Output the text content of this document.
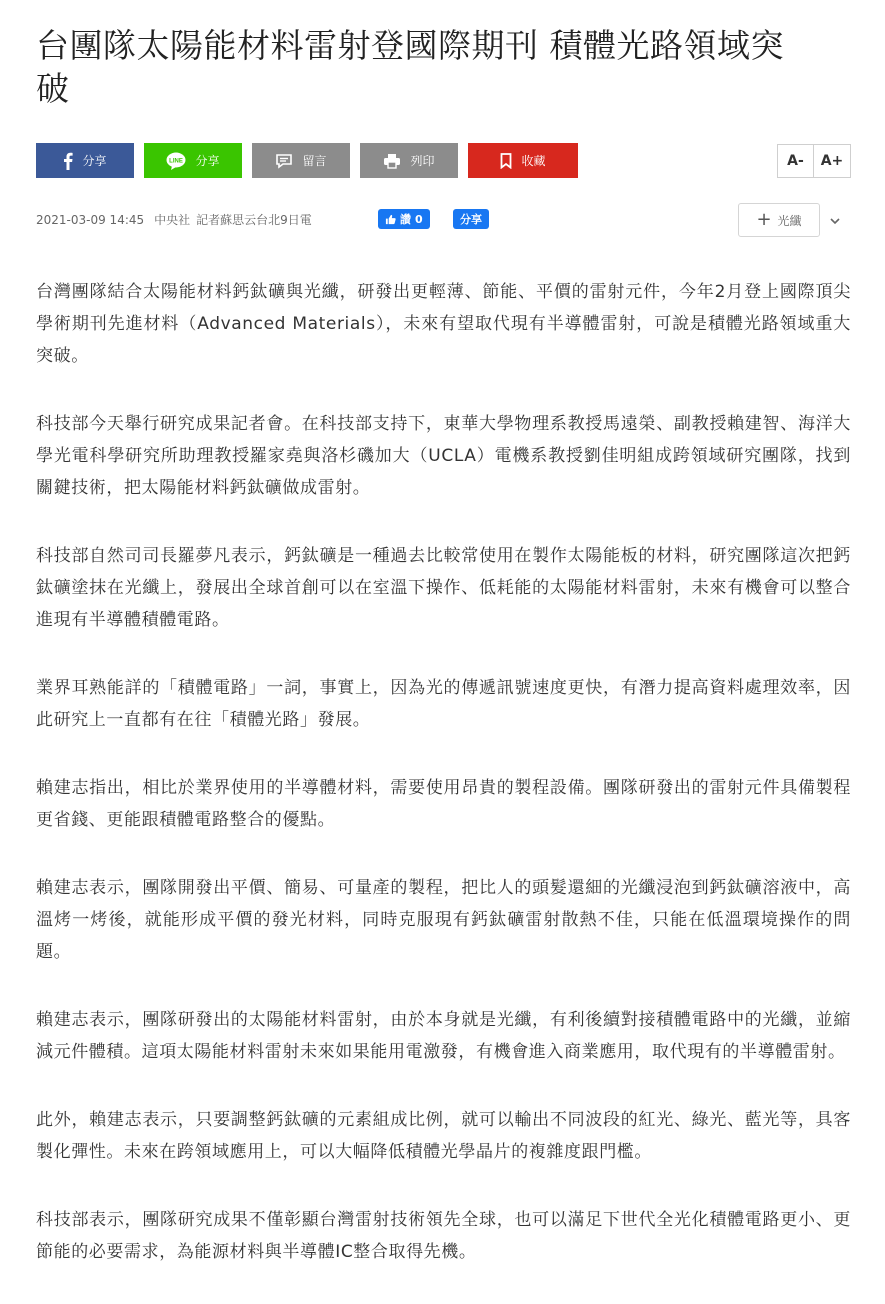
台團隊太陽能材料雷射登國際期刊 積體光路領域突破
分享	LINE 分享	留言	列印	收藏	A-	A+
2021-03-09 14:45 中央社 記者蘇思云台北9日電	讚 0	分享	+ 光纖

台灣團隊結合太陽能材料鈣鈦礦與光纖，研發出更輕薄、節能、平價的雷射元件，今年2月登上國際頂尖學術期刊先進材料（Advanced Materials），未來有望取代現有半導體雷射，可說是積體光路領域重大突破。

科技部今天舉行研究成果記者會。在科技部支持下，東華大學物理系教授馬遠榮、副教授賴建智、海洋大學光電科學研究所助理教授羅家堯與洛杉磯加大（UCLA）電機系教授劉佳明組成跨領域研究團隊，找到關鍵技術，把太陽能材料鈣鈦礦做成雷射。

科技部自然司司長羅夢凡表示，鈣鈦礦是一種過去比較常使用在製作太陽能板的材料，研究團隊這次把鈣鈦礦塗抹在光纖上，發展出全球首創可以在室溫下操作、低耗能的太陽能材料雷射，未來有機會可以整合進現有半導體積體電路。

業界耳熟能詳的「積體電路」一詞，事實上，因為光的傳遞訊號速度更快，有潛力提高資料處理效率，因此研究上一直都有在往「積體光路」發展。

賴建志指出，相比於業界使用的半導體材料，需要使用昂貴的製程設備。團隊研發出的雷射元件具備製程更省錢、更能跟積體電路整合的優點。

賴建志表示，團隊開發出平價、簡易、可量產的製程，把比人的頭髮還細的光纖浸泡到鈣鈦礦溶液中，高溫烤一烤後，就能形成平價的發光材料，同時克服現有鈣鈦礦雷射散熱不佳，只能在低溫環境操作的問題。

賴建志表示，團隊研發出的太陽能材料雷射，由於本身就是光纖，有利後續對接積體電路中的光纖，並縮減元件體積。這項太陽能材料雷射未來如果能用電激發，有機會進入商業應用，取代現有的半導體雷射。

此外，賴建志表示，只要調整鈣鈦礦的元素組成比例，就可以輸出不同波段的紅光、綠光、藍光等，具客製化彈性。未來在跨領域應用上，可以大幅降低積體光學晶片的複雜度跟門檻。

科技部表示，團隊研究成果不僅彰顯台灣雷射技術領先全球，也可以滿足下世代全光化積體電路更小、更節能的必要需求，為能源材料與半導體IC整合取得先機。
